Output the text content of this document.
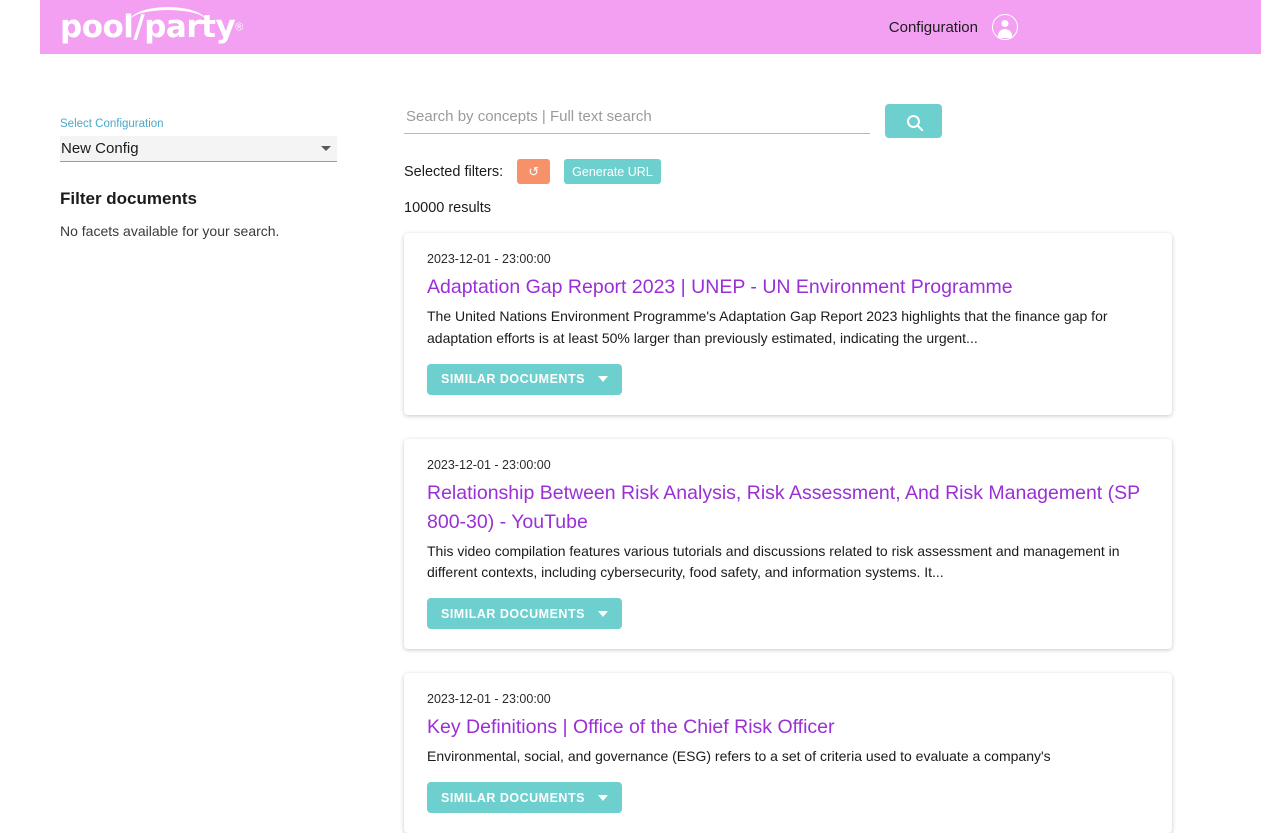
pool/party®	Configuration
Select Configuration
New Config
Filter documents
No facets available for your search.
Search by concepts | Full text search
Selected filters:	↺	Generate URL
10000 results
2023-12-01 - 23:00:00
Adaptation Gap Report 2023 | UNEP - UN Environment Programme
The United Nations Environment Programme's Adaptation Gap Report 2023 highlights that the finance gap for adaptation efforts is at least 50% larger than previously estimated, indicating the urgent...
SIMILAR DOCUMENTS
2023-12-01 - 23:00:00
Relationship Between Risk Analysis, Risk Assessment, And Risk Management (SP 800-30) - YouTube
This video compilation features various tutorials and discussions related to risk assessment and management in different contexts, including cybersecurity, food safety, and information systems. It...
SIMILAR DOCUMENTS
2023-12-01 - 23:00:00
Key Definitions | Office of the Chief Risk Officer
Environmental, social, and governance (ESG) refers to a set of criteria used to evaluate a company's
SIMILAR DOCUMENTS
